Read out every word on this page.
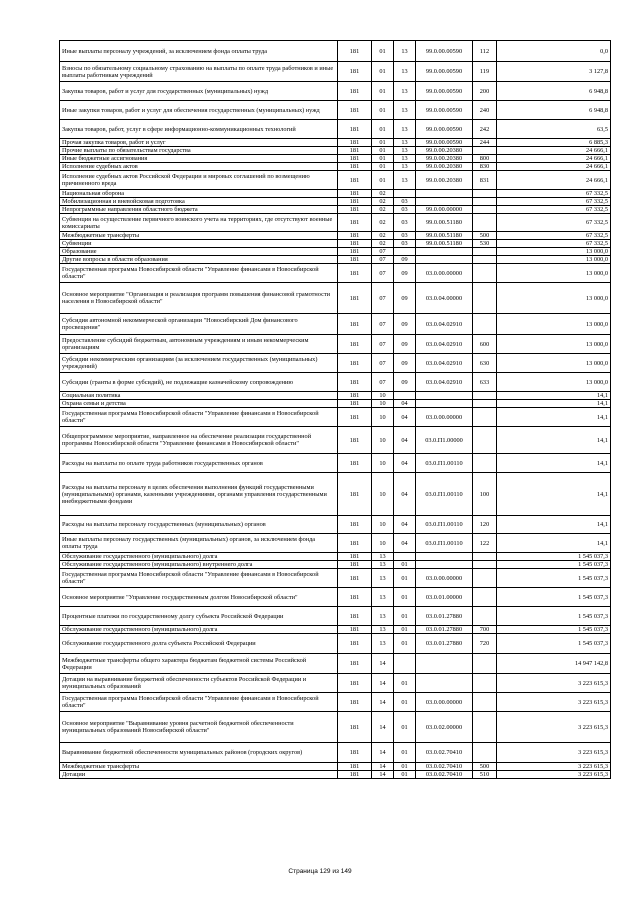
Иные выплаты персоналу учреждений, за исключением фонда оплаты труда	181	01	13	99.0.00.00590	112	0,0
Взносы по обязательному социальному страхованию на выплаты по оплате труда работников и иные выплаты работникам учреждений	181	01	13	99.0.00.00590	119	3 127,8
Закупка товаров, работ и услуг для государственных (муниципальных) нужд	181	01	13	99.0.00.00590	200	6 948,8
Иные закупки товаров, работ и услуг для обеспечения государственных (муниципальных) нужд	181	01	13	99.0.00.00590	240	6 948,8
Закупка товаров, работ, услуг в сфере информационно-коммуникационных технологий	181	01	13	99.0.00.00590	242	63,5
Прочая закупка товаров, работ и услуг	181	01	13	99.0.00.00590	244	6 885,3
Прочие выплаты по обязательствам государства	181	01	13	99.0.00.20380		24 666,1
Иные бюджетные ассигнования	181	01	13	99.0.00.20380	800	24 666,1
Исполнение судебных актов	181	01	13	99.0.00.20380	830	24 666,1
Исполнение судебных актов Российской Федерации и мировых соглашений по возмещению причиненного вреда	181	01	13	99.0.00.20380	831	24 666,1
Национальная оборона	181	02				67 332,5
Мобилизационная и вневойсковая подготовка	181	02	03			67 332,5
Непрограммные направления областного бюджета	181	02	03	99.0.00.00000		67 332,5
Субвенция на осуществление первичного воинского учета на территориях, где отсутствуют военные комиссариаты	181	02	03	99.0.00.51180		67 332,5
Межбюджетные трансферты	181	02	03	99.0.00.51180	500	67 332,5
Субвенции	181	02	03	99.0.00.51180	530	67 332,5
Образование	181	07				13 000,0
Другие вопросы в области образования	181	07	09			13 000,0
Государственная программа Новосибирской области "Управление финансами в Новосибирской области"	181	07	09	03.0.00.00000		13 000,0
Основное мероприятие "Организация и реализация программ повышения финансовой грамотности населения в Новосибирской области"	181	07	09	03.0.04.00000		13 000,0
Субсидия автономной некоммерческой организации "Новосибирский Дом финансового просвещения"	181	07	09	03.0.04.02910		13 000,0
Предоставление субсидий бюджетным, автономным учреждениям и иным некоммерческим организациям	181	07	09	03.0.04.02910	600	13 000,0
Субсидии некоммерческим организациям (за исключением государственных (муниципальных) учреждений)	181	07	09	03.0.04.02910	630	13 000,0
Субсидии (гранты в форме субсидий), не подлежащие казначейскому сопровождению	181	07	09	03.0.04.02910	633	13 000,0
Социальная политика	181	10				14,1
Охрана семьи и детства	181	10	04			14,1
Государственная программа Новосибирской области "Управление финансами в Новосибирской области"	181	10	04	03.0.00.00000		14,1
Общепрограммное мероприятие, направленное на обеспечение реализации государственной программы Новосибирской области "Управление финансами в Новосибирской области"	181	10	04	03.0.П1.00000		14,1
Расходы на выплаты по оплате труда работников государственных органов	181	10	04	03.0.П1.00110		14,1
Расходы на выплаты персоналу в целях обеспечения выполнения функций государственными (муниципальными) органами, казенными учреждениями, органами управления государственными внебюджетными фондами	181	10	04	03.0.П1.00110	100	14,1
Расходы на выплаты персоналу государственных (муниципальных) органов	181	10	04	03.0.П1.00110	120	14,1
Иные выплаты персоналу государственных (муниципальных) органов, за исключением фонда оплаты труда	181	10	04	03.0.П1.00110	122	14,1
Обслуживание государственного (муниципального) долга	181	13				1 545 037,3
Обслуживание государственного (муниципального) внутреннего долга	181	13	01			1 545 037,3
Государственная программа Новосибирской области "Управление финансами в Новосибирской области"	181	13	01	03.0.00.00000		1 545 037,3
Основное мероприятие "Управление государственным долгом Новосибирской области"	181	13	01	03.0.01.00000		1 545 037,3
Процентные платежи по государственному долгу субъекта Российской Федерации	181	13	01	03.0.01.27880		1 545 037,3
Обслуживание государственного (муниципального) долга	181	13	01	03.0.01.27880	700	1 545 037,3
Обслуживание государственного долга субъекта Российской Федерации	181	13	01	03.0.01.27880	720	1 545 037,3
Межбюджетные трансферты общего характера бюджетам бюджетной системы Российской Федерации	181	14				14 947 142,8
Дотации на выравнивание бюджетной обеспеченности субъектов Российской Федерации и муниципальных образований	181	14	01			3 223 615,3
Государственная программа Новосибирской области "Управление финансами в Новосибирской области"	181	14	01	03.0.00.00000		3 223 615,3
Основное мероприятие "Выравнивание уровня расчетной бюджетной обеспеченности муниципальных образований Новосибирской области"	181	14	01	03.0.02.00000		3 223 615,3
Выравнивание бюджетной обеспеченности муниципальных районов (городских округов)	181	14	01	03.0.02.70410		3 223 615,3
Межбюджетные трансферты	181	14	01	03.0.02.70410	500	3 223 615,3
Дотации	181	14	01	03.0.02.70410	510	3 223 615,3
Страница 129 из 149
